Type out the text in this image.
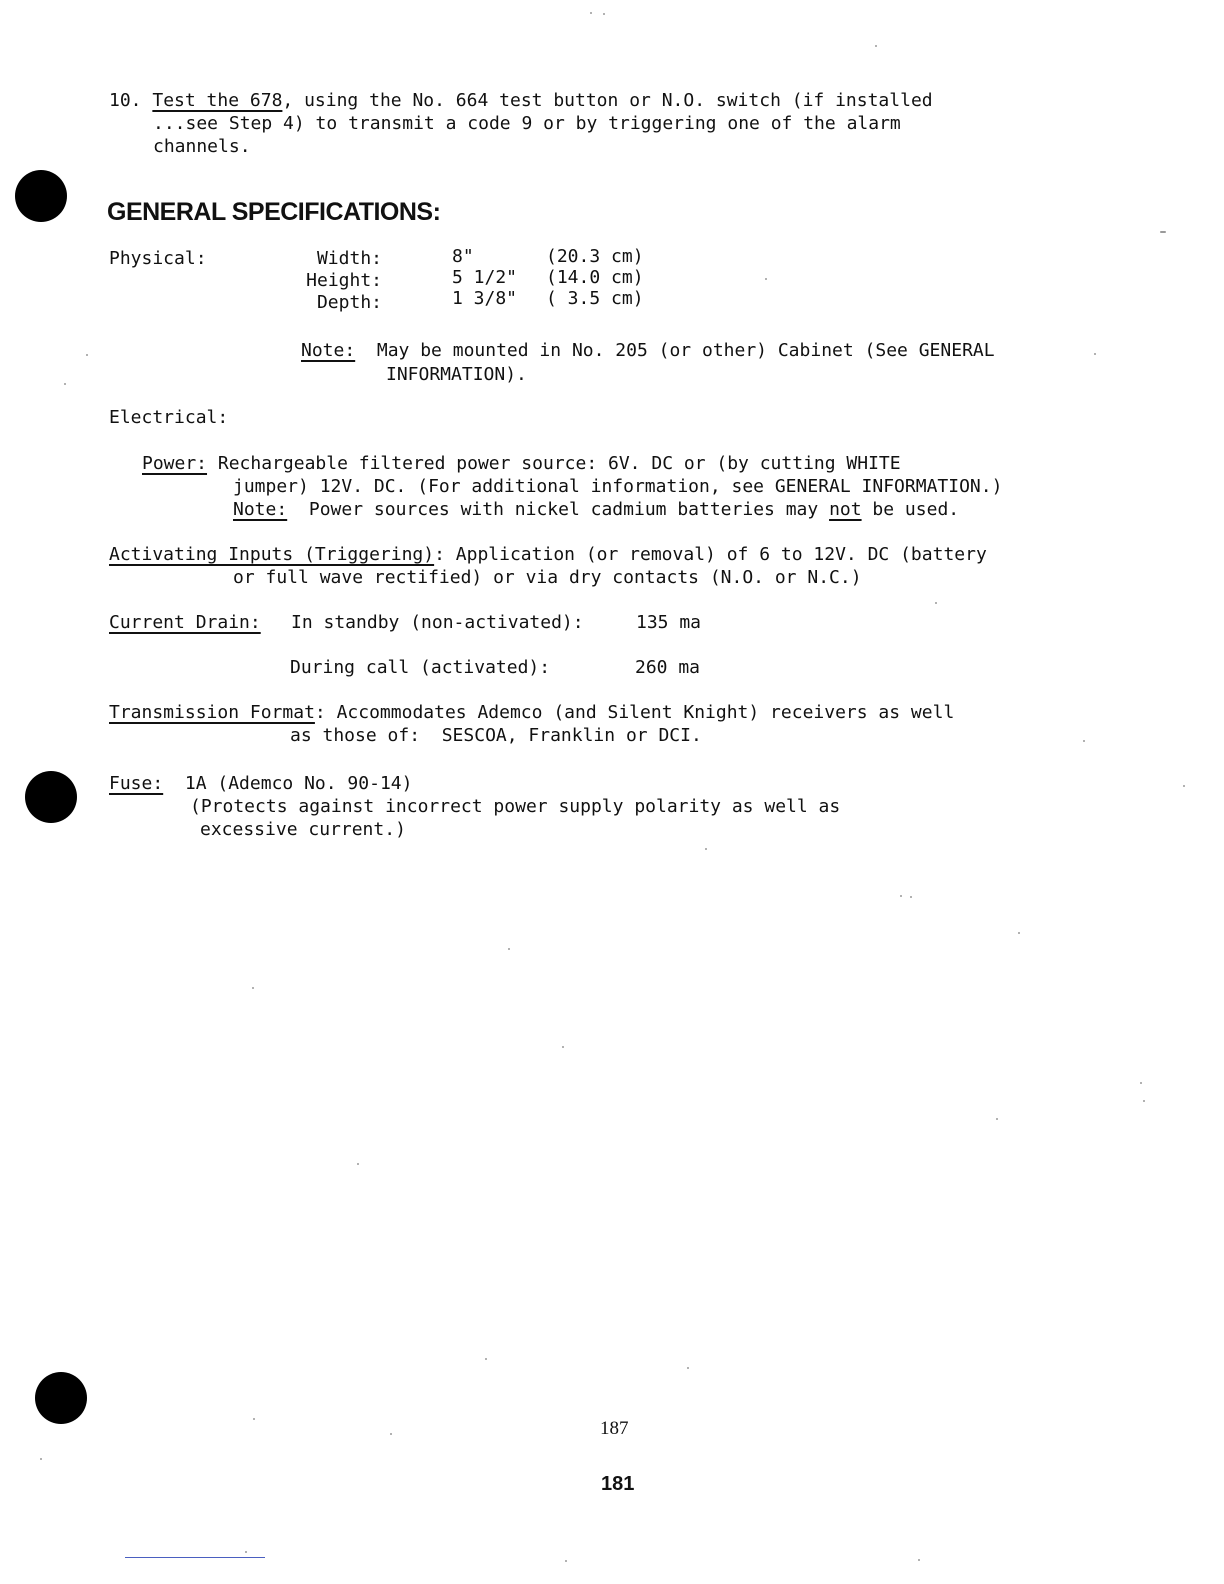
10. Test the 678, using the No. 664 test button or N.O. switch (if installed
...see Step 4) to transmit a code 9 or by triggering one of the alarm
channels.
GENERAL SPECIFICATIONS:
Physical:	Width:	8"	(20.3 cm)
Height:	5 1/2" (14.0 cm)
Depth:	1 3/8" ( 3.5 cm)
Note: May be mounted in No. 205 (or other) Cabinet (See GENERAL
INFORMATION).
Electrical:
Power: Rechargeable filtered power source: 6V. DC or (by cutting WHITE
jumper) 12V. DC. (For additional information, see GENERAL INFORMATION.)
Note: Power sources with nickel cadmium batteries may not be used.
Activating Inputs (Triggering): Application (or removal) of 6 to 12V. DC (battery
or full wave rectified) or via dry contacts (N.O. or N.C.)
Current Drain: In standby (non-activated):	135 ma
During call (activated):	260 ma
Transmission Format: Accommodates Ademco (and Silent Knight) receivers as well
as those of:  SESCOA, Franklin or DCI.
Fuse: 1A (Ademco No. 90-14)
(Protects against incorrect power supply polarity as well as
excessive current.)
187
181
